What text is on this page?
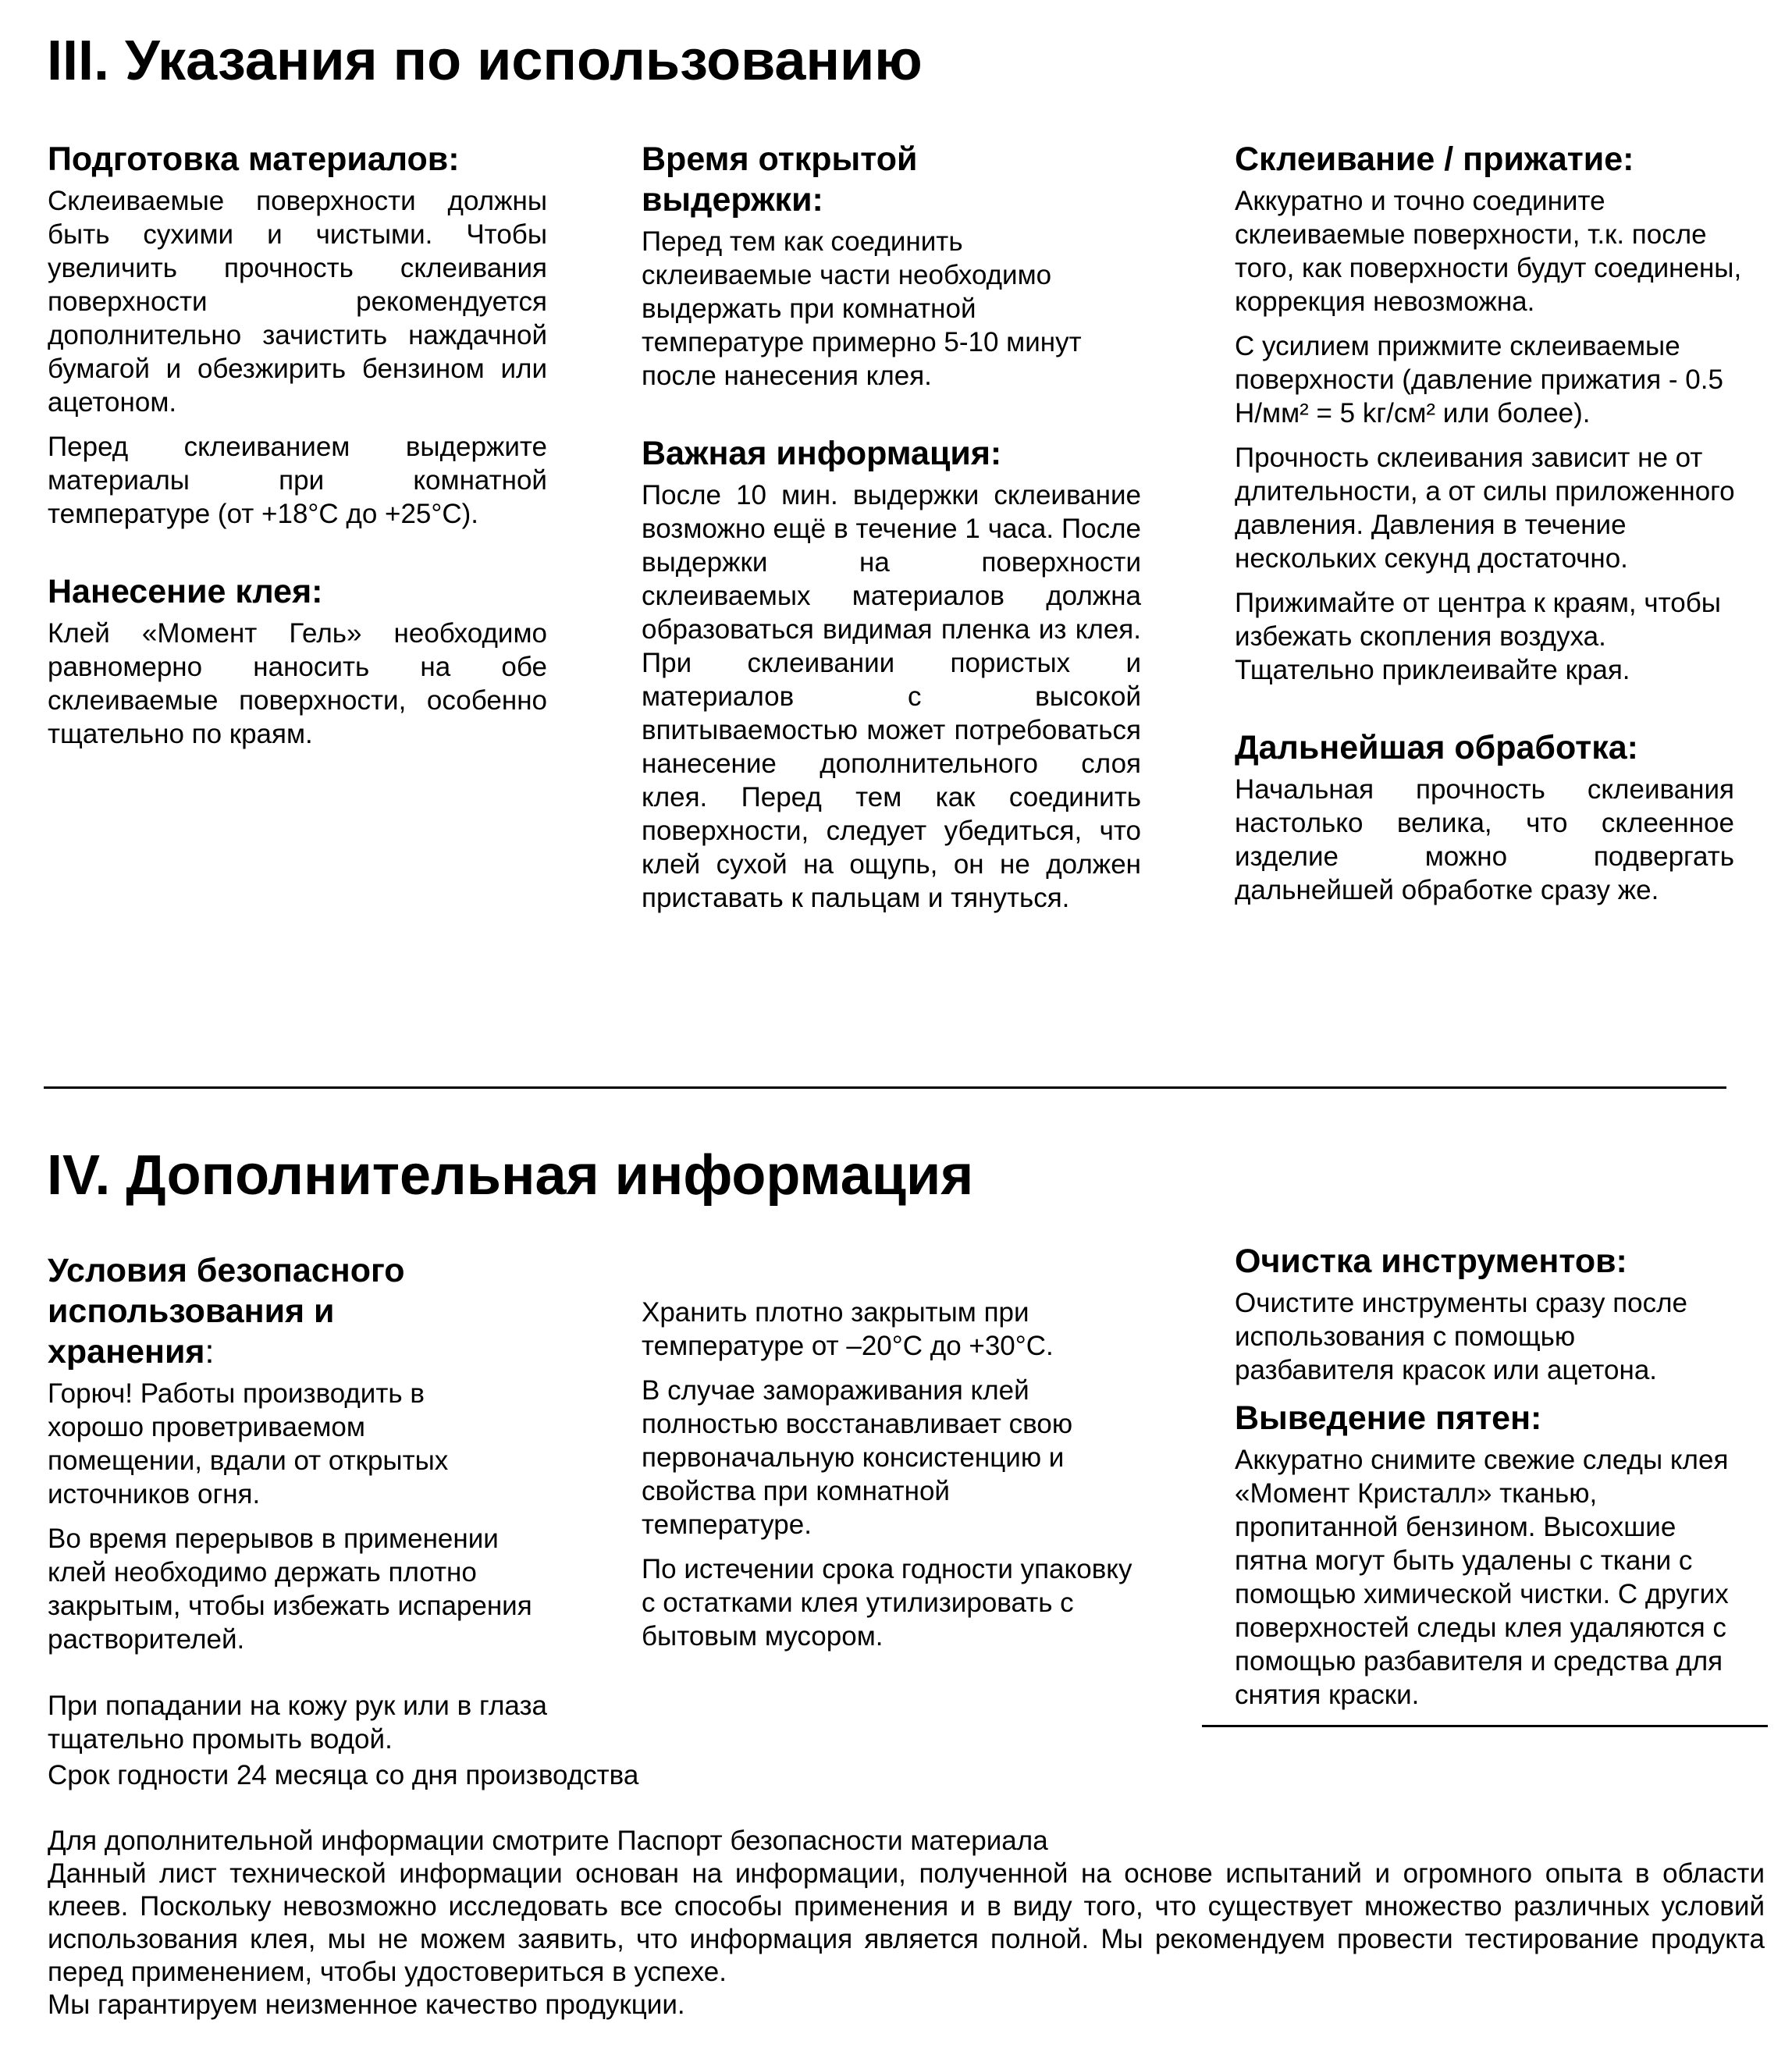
III. Указания по использованию
Подготовка материалов:

Склеиваемые поверхности должны быть сухими и чистыми. Чтобы увеличить прочность склеивания поверхности рекомендуется дополнительно зачистить наждачной бумагой и обезжирить бензином или ацетоном.

Перед склеиванием выдержите материалы при комнатной температуре (от +18°C до +25°C).

Нанесение клея:

Клей «Момент Гель» необходимо равномерно наносить на обе склеиваемые поверхности, особенно тщательно по краям.

Время открытой выдержки:

Перед тем как соединить склеиваемые части необходимо выдержать при комнатной температуре примерно 5-10 минут после нанесения клея.

Важная информация:

После 10 мин. выдержки склеивание возможно ещё в течение 1 часа. После выдержки на поверхности склеиваемых материалов должна образоваться видимая пленка из клея. При склеивании пористых и материалов с высокой впитываемостью может потребоваться нанесение дополнительного слоя клея. Перед тем как соединить поверхности, следует убедиться, что клей сухой на ощупь, он не должен приставать к пальцам и тянуться.

Склеивание / прижатие:

Аккуратно и точно соедините склеиваемые поверхности, т.к. после того, как поверхности будут соединены, коррекция невозможна.

С усилием прижмите склеиваемые поверхности (давление прижатия - 0.5 Н/мм² = 5 kг/см² или более).

Прочность склеивания зависит не от длительности, а от силы приложенного давления. Давления в течение нескольких секунд достаточно.

Прижимайте от центра к краям, чтобы избежать скопления воздуха. Тщательно приклеивайте края.

Дальнейшая обработка:

Начальная прочность склеивания настолько велика, что склеенное изделие можно подвергать дальнейшей обработке сразу же.

IV. Дополнительная информация
Условия безопасного использования и хранения:

Горюч! Работы производить в хорошо проветриваемом помещении, вдали от открытых источников огня.

Во время перерывов в применении клей необходимо держать плотно закрытым, чтобы избежать испарения растворителей.

При попадании на кожу рук или в глаза тщательно промыть водой.

Хранить плотно закрытым при температуре от –20°C до +30°C.

В случае замораживания клей полностью восстанавливает свою первоначальную консистенцию и свойства при комнатной температуре.

По истечении срока годности упаковку с остатками клея утилизировать с бытовым мусором.

Очистка инструментов:

Очистите инструменты сразу после использования с помощью разбавителя красок или ацетона.

Выведение пятен:

Аккуратно снимите свежие следы клея «Момент Кристалл» тканью, пропитанной бензином. Высохшие пятна могут быть удалены с ткани с помощью химической чистки. С других поверхностей следы клея удаляются с помощью разбавителя и средства для снятия краски.

Срок годности 24 месяца со дня производства

Для дополнительной информации смотрите Паспорт безопасности материала

Данный лист технической информации основан на информации, полученной на основе испытаний и огромного опыта в области клеев. Поскольку невозможно исследовать все способы применения и в виду того, что существует множество различных условий использования клея, мы не можем заявить, что информация является полной. Мы рекомендуем провести тестирование продукта перед применением, чтобы удостовериться в успехе.

Мы гарантируем неизменное качество продукции.
